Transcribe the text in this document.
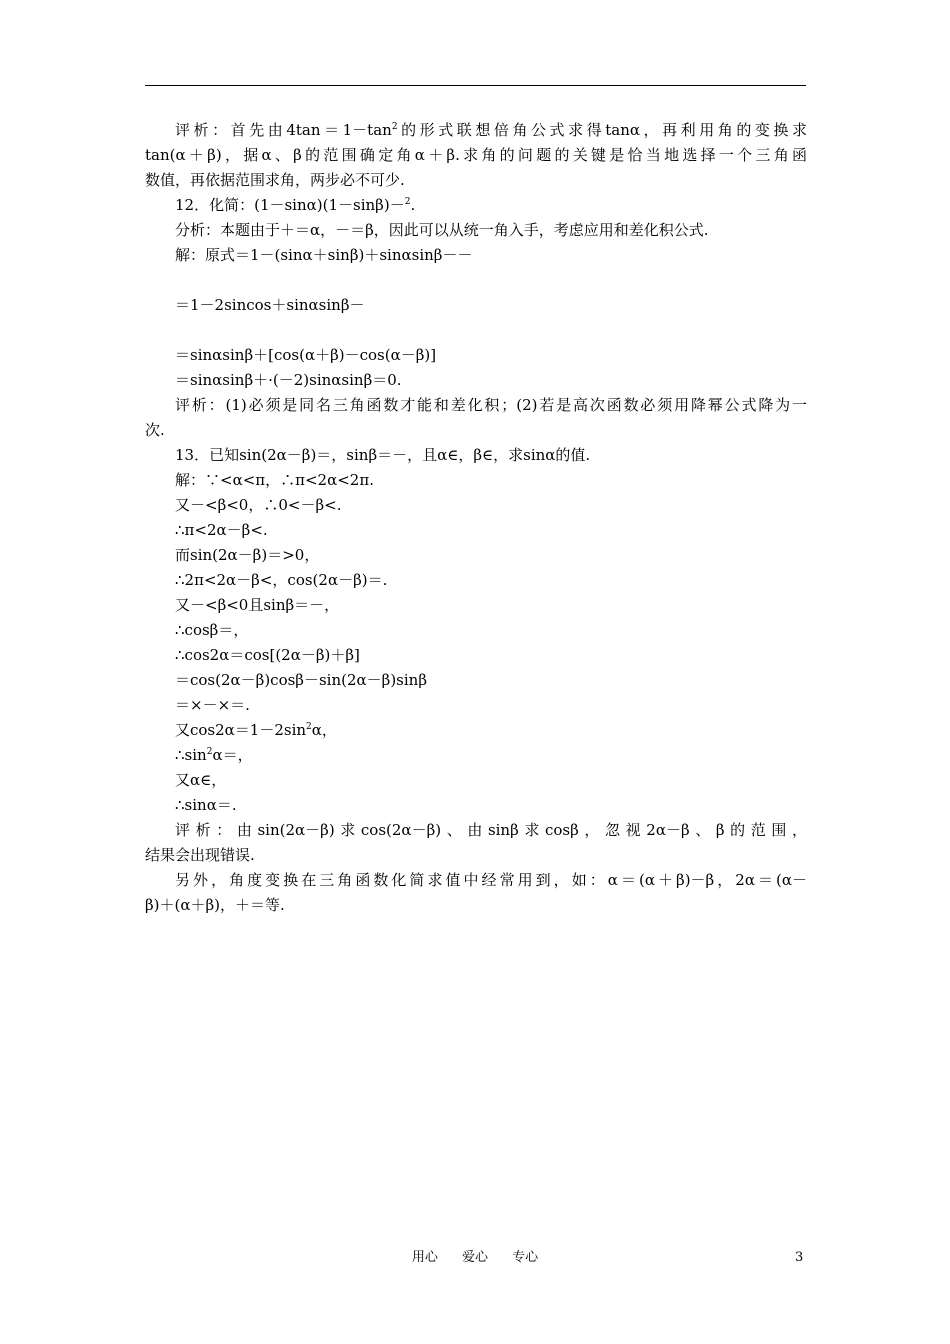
评析：首先由$4\tan=1-\tan^2$的形式联想倍角公式求得tanα，再利用角的变换求
tan(α＋β)，据α、β的范围确定角α＋β.求角的问题的关键是恰当地选择一个三角函
数值，再依据范围求角，两步必不可少.
12．化简：(1－sinα)(1－sinβ)－$^2$.
分析：本题由于＋＝α，－＝β，因此可以从统一角入手，考虑应用和差化积公式.
解：原式＝1－(sinα＋sinβ)＋sinαsinβ－－
＝1－2sincos＋sinαsinβ－
＝sinαsinβ＋[cos(α＋β)－cos(α－β)]
＝sinαsinβ＋·(－2)sinαsinβ＝0.
评析：(1)必须是同名三角函数才能和差化积；(2)若是高次函数必须用降幂公式降为一
次.
13．已知sin(2α－β)＝，sinβ＝－，且α∈，β∈，求sinα的值.
解：∵<α<π，∴π<2α<2π.
又－<β<0，∴0<－β<.
∴π<2α－β<.
而sin(2α－β)＝>0，
∴2π<2α－β<，cos(2α－β)＝.
又－<β<0且sinβ＝－，
∴cosβ＝，
∴cos2α＝cos[(2α－β)＋β]
＝cos(2α－β)cosβ－sin(2α－β)sinβ
＝×－×＝.
又$\cos 2\alpha=1-2\sin^2\alpha$，
$\therefore\sin^2\alpha=$，
又α∈，
∴sinα＝.
评析：由sin(2α－β)求cos(2α－β)、由sinβ求cosβ，忽视2α－β、β的范围，
结果会出现错误.
另外，角度变换在三角函数化简求值中经常用到，如：α＝(α＋β)－β，2α＝(α－
β)＋(α＋β)，＋＝等.
用心 爱心 专心	3
